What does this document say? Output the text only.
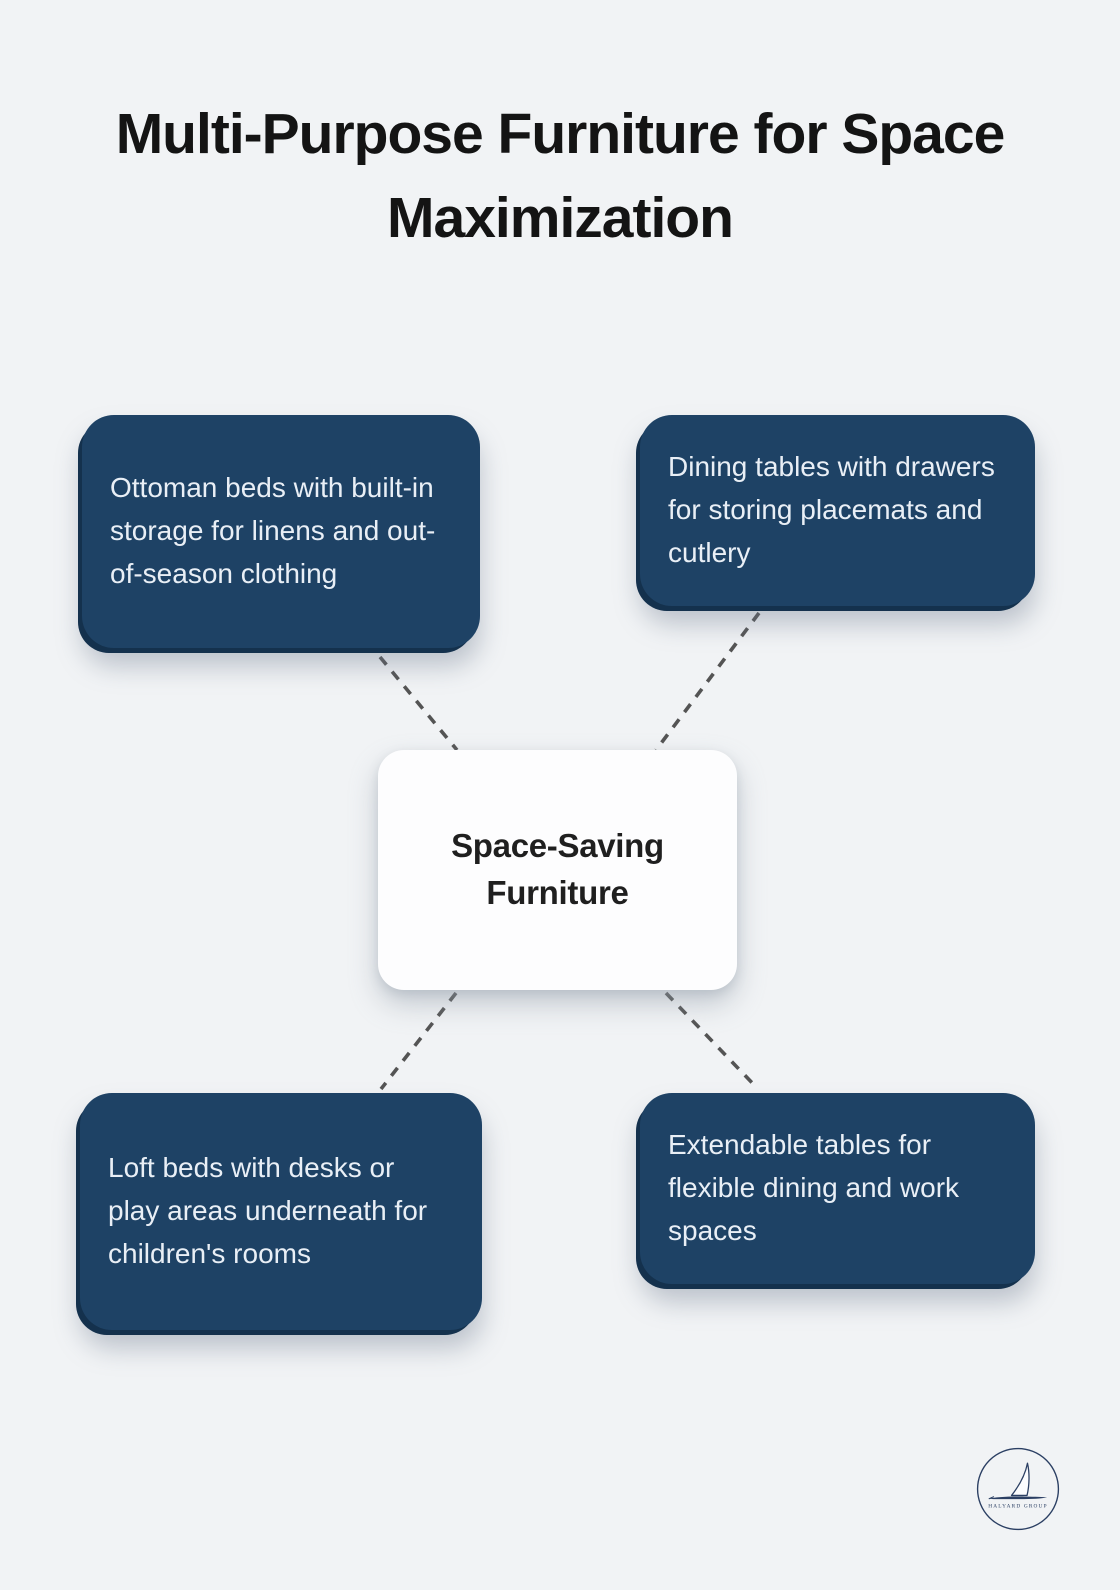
Multi-Purpose Furniture for Space Maximization

Ottoman beds with built-in storage for linens and out-of-season clothing

Dining tables with drawers for storing placemats and cutlery

Space-Saving Furniture

Loft beds with desks or play areas underneath for children's rooms

Extendable tables for flexible dining and work spaces

HALYARD GROUP
